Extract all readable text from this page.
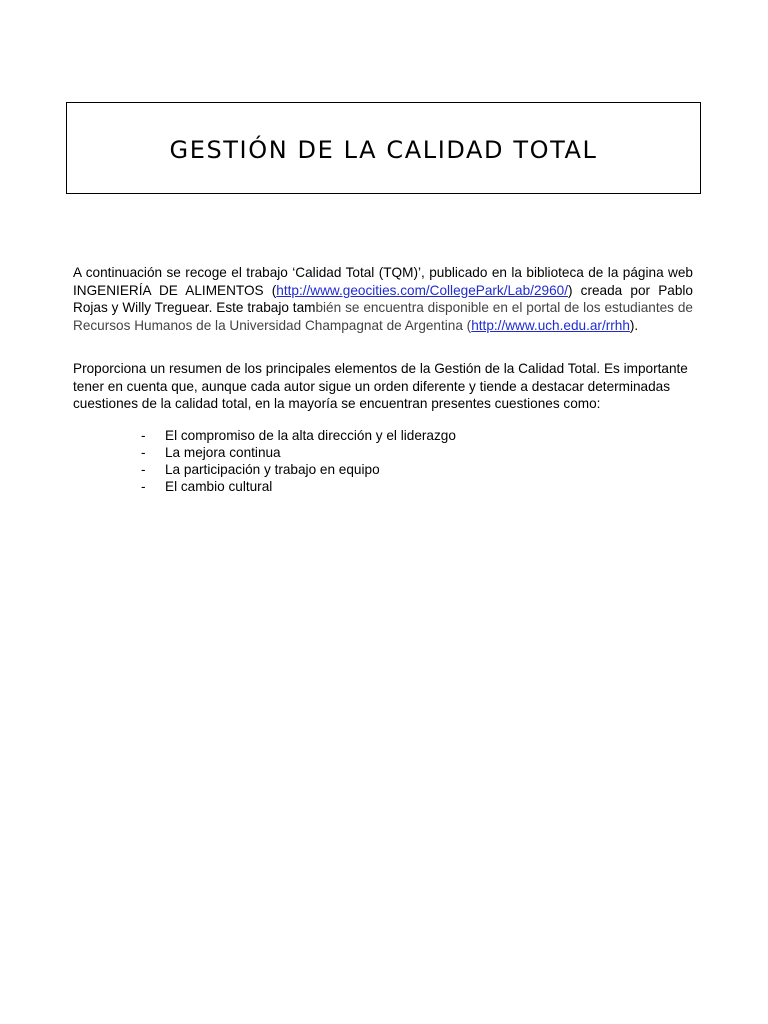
GESTIÓN DE LA CALIDAD TOTAL

A continuación se recoge el trabajo ‘Calidad Total (TQM)’, publicado en la biblioteca de la página web INGENIERÍA DE ALIMENTOS (http://www.geocities.com/CollegePark/Lab/2960/) creada por Pablo Rojas y Willy Treguear. Este trabajo también se encuentra disponible en el portal de los estudiantes de Recursos Humanos de la Universidad Champagnat de Argentina (http://www.uch.edu.ar/rrhh).

Proporciona un resumen de los principales elementos de la Gestión de la Calidad Total. Es importante tener en cuenta que, aunque cada autor sigue un orden diferente y tiende a destacar determinadas cuestiones de la calidad total, en la mayoría se encuentran presentes cuestiones como:

-	El compromiso de la alta dirección y el liderazgo
-	La mejora continua
-	La participación y trabajo en equipo
-	El cambio cultural
